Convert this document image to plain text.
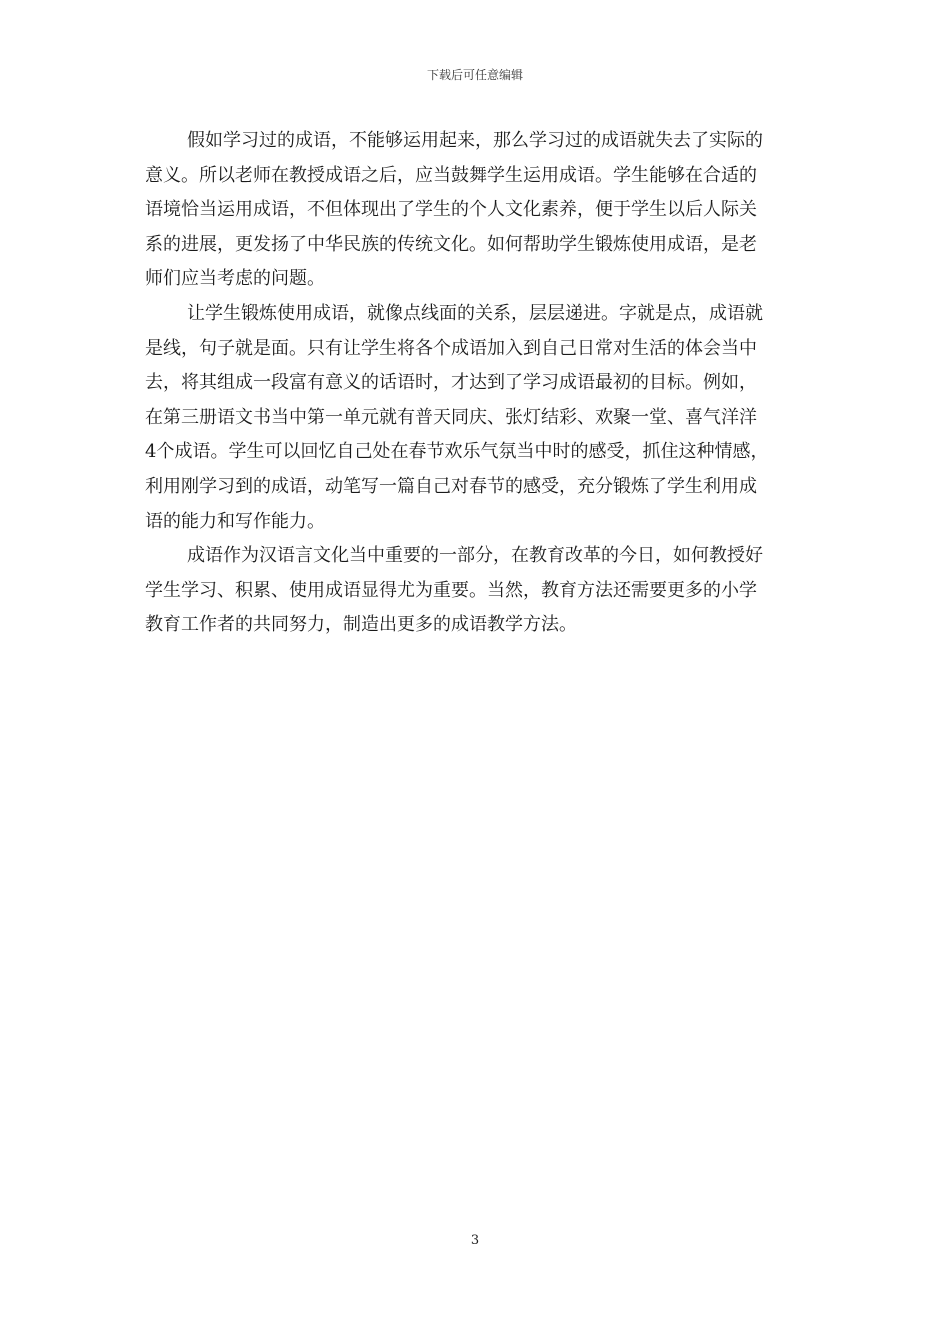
下载后可任意编辑
假如学习过的成语，不能够运用起来，那么学习过的成语就失去了实际的
意义。所以老师在教授成语之后，应当鼓舞学生运用成语。学生能够在合适的
语境恰当运用成语，不但体现出了学生的个人文化素养，便于学生以后人际关
系的进展，更发扬了中华民族的传统文化。如何帮助学生锻炼使用成语，是老
师们应当考虑的问题。
让学生锻炼使用成语，就像点线面的关系，层层递进。字就是点，成语就
是线，句子就是面。只有让学生将各个成语加入到自己日常对生活的体会当中
去，将其组成一段富有意义的话语时，才达到了学习成语最初的目标。例如，
在第三册语文书当中第一单元就有普天同庆、张灯结彩、欢聚一堂、喜气洋洋
4个成语。学生可以回忆自己处在春节欢乐气氛当中时的感受，抓住这种情感，
利用刚学习到的成语，动笔写一篇自己对春节的感受，充分锻炼了学生利用成
语的能力和写作能力。
成语作为汉语言文化当中重要的一部分，在教育改革的今日，如何教授好
学生学习、积累、使用成语显得尤为重要。当然，教育方法还需要更多的小学
教育工作者的共同努力，制造出更多的成语教学方法。
3
